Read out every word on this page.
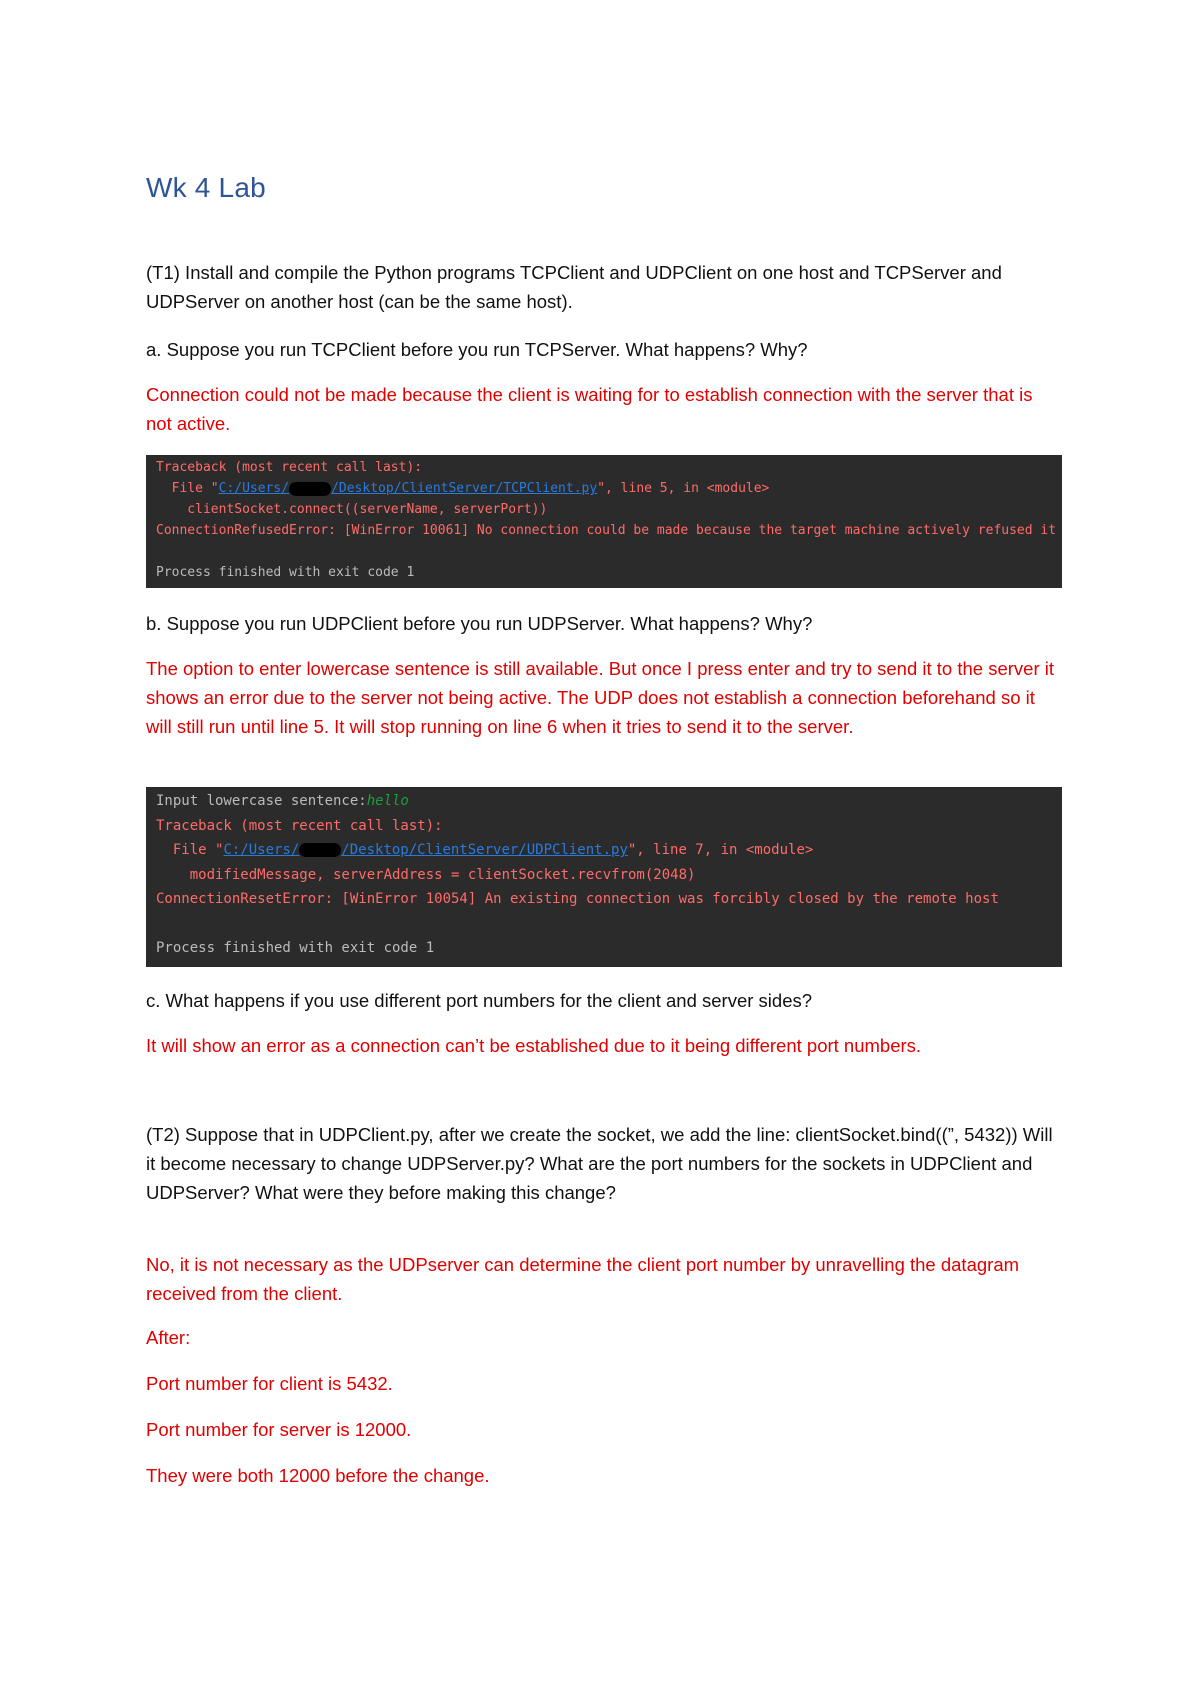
Wk 4 Lab

(T1) Install and compile the Python programs TCPClient and UDPClient on one host and TCPServer and UDPServer on another host (can be the same host).

a. Suppose you run TCPClient before you run TCPServer. What happens? Why?

Connection could not be made because the client is waiting for to establish connection with the server that is not active.

Traceback (most recent call last):
File "C:/Users/	/Desktop/ClientServer/TCPClient.py", line 5, in <module>
clientSocket.connect((serverName, serverPort))
ConnectionRefusedError: [WinError 10061] No connection could be made because the target machine actively refused it
Process finished with exit code 1

b. Suppose you run UDPClient before you run UDPServer. What happens? Why?

The option to enter lowercase sentence is still available. But once I press enter and try to send it to the server it shows an error due to the server not being active. The UDP does not establish a connection beforehand so it will still run until line 5. It will stop running on line 6 when it tries to send it to the server.

Input lowercase sentence:hello
Traceback (most recent call last):
File "C:/Users/	/Desktop/ClientServer/UDPClient.py", line 7, in <module>
modifiedMessage, serverAddress = clientSocket.recvfrom(2048)
ConnectionResetError: [WinError 10054] An existing connection was forcibly closed by the remote host
Process finished with exit code 1

c. What happens if you use different port numbers for the client and server sides?

It will show an error as a connection can’t be established due to it being different port numbers.

(T2) Suppose that in UDPClient.py, after we create the socket, we add the line: clientSocket.bind((”, 5432)) Will it become necessary to change UDPServer.py? What are the port numbers for the sockets in UDPClient and UDPServer? What were they before making this change?

No, it is not necessary as the UDPserver can determine the client port number by unravelling the datagram received from the client.

After:

Port number for client is 5432.

Port number for server is 12000.

They were both 12000 before the change.
